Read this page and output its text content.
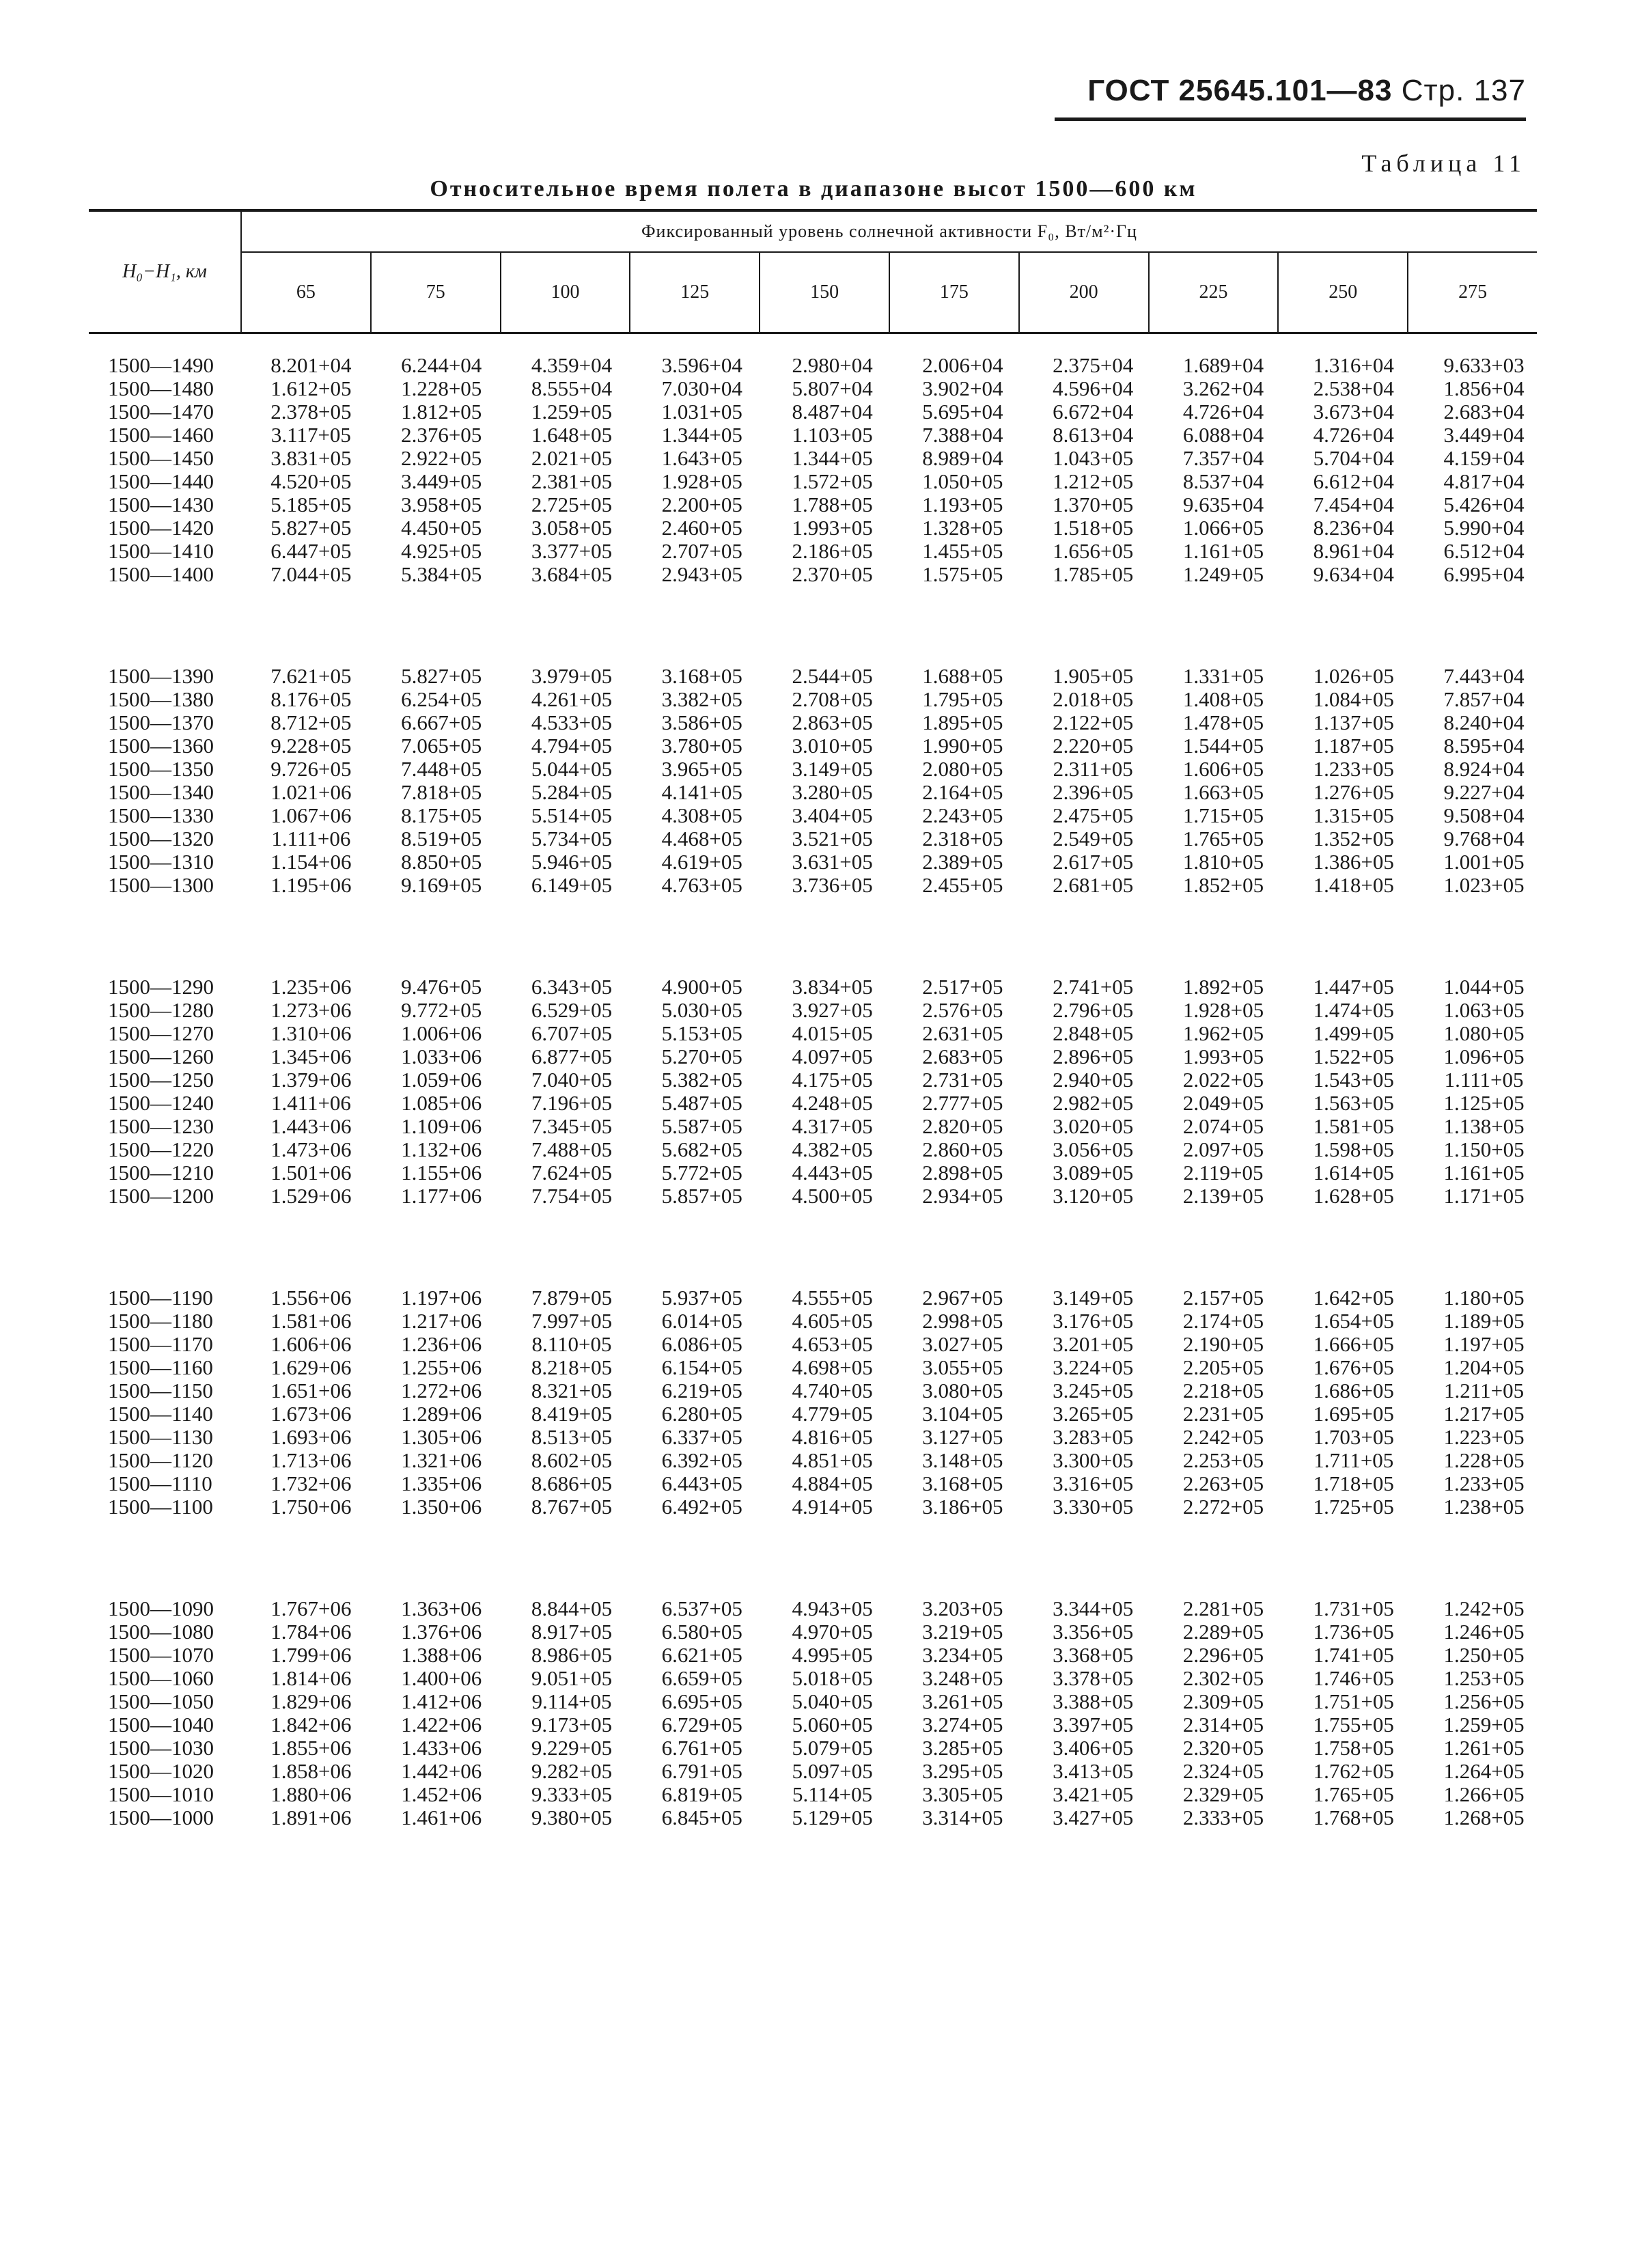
ГОСТ 25645.101—83 Стр. 137
Таблица 11
Относительное время полета в диапазоне высот 1500—600 км
H₀−H₁, км
Фиксированный уровень солнечной активности F₀, Вт/м²·Гц
65	75	100	125	150	175	200	225	250	275
1500—1490	8.201+04	6.244+04	4.359+04	3.596+04	2.980+04	2.006+04	2.375+04	1.689+04	1.316+04	9.633+03
1500—1480	1.612+05	1.228+05	8.555+04	7.030+04	5.807+04	3.902+04	4.596+04	3.262+04	2.538+04	1.856+04
1500—1470	2.378+05	1.812+05	1.259+05	1.031+05	8.487+04	5.695+04	6.672+04	4.726+04	3.673+04	2.683+04
1500—1460	3.117+05	2.376+05	1.648+05	1.344+05	1.103+05	7.388+04	8.613+04	6.088+04	4.726+04	3.449+04
1500—1450	3.831+05	2.922+05	2.021+05	1.643+05	1.344+05	8.989+04	1.043+05	7.357+04	5.704+04	4.159+04
1500—1440	4.520+05	3.449+05	2.381+05	1.928+05	1.572+05	1.050+05	1.212+05	8.537+04	6.612+04	4.817+04
1500—1430	5.185+05	3.958+05	2.725+05	2.200+05	1.788+05	1.193+05	1.370+05	9.635+04	7.454+04	5.426+04
1500—1420	5.827+05	4.450+05	3.058+05	2.460+05	1.993+05	1.328+05	1.518+05	1.066+05	8.236+04	5.990+04
1500—1410	6.447+05	4.925+05	3.377+05	2.707+05	2.186+05	1.455+05	1.656+05	1.161+05	8.961+04	6.512+04
1500—1400	7.044+05	5.384+05	3.684+05	2.943+05	2.370+05	1.575+05	1.785+05	1.249+05	9.634+04	6.995+04
1500—1390	7.621+05	5.827+05	3.979+05	3.168+05	2.544+05	1.688+05	1.905+05	1.331+05	1.026+05	7.443+04
1500—1380	8.176+05	6.254+05	4.261+05	3.382+05	2.708+05	1.795+05	2.018+05	1.408+05	1.084+05	7.857+04
1500—1370	8.712+05	6.667+05	4.533+05	3.586+05	2.863+05	1.895+05	2.122+05	1.478+05	1.137+05	8.240+04
1500—1360	9.228+05	7.065+05	4.794+05	3.780+05	3.010+05	1.990+05	2.220+05	1.544+05	1.187+05	8.595+04
1500—1350	9.726+05	7.448+05	5.044+05	3.965+05	3.149+05	2.080+05	2.311+05	1.606+05	1.233+05	8.924+04
1500—1340	1.021+06	7.818+05	5.284+05	4.141+05	3.280+05	2.164+05	2.396+05	1.663+05	1.276+05	9.227+04
1500—1330	1.067+06	8.175+05	5.514+05	4.308+05	3.404+05	2.243+05	2.475+05	1.715+05	1.315+05	9.508+04
1500—1320	1.111+06	8.519+05	5.734+05	4.468+05	3.521+05	2.318+05	2.549+05	1.765+05	1.352+05	9.768+04
1500—1310	1.154+06	8.850+05	5.946+05	4.619+05	3.631+05	2.389+05	2.617+05	1.810+05	1.386+05	1.001+05
1500—1300	1.195+06	9.169+05	6.149+05	4.763+05	3.736+05	2.455+05	2.681+05	1.852+05	1.418+05	1.023+05
1500—1290	1.235+06	9.476+05	6.343+05	4.900+05	3.834+05	2.517+05	2.741+05	1.892+05	1.447+05	1.044+05
1500—1280	1.273+06	9.772+05	6.529+05	5.030+05	3.927+05	2.576+05	2.796+05	1.928+05	1.474+05	1.063+05
1500—1270	1.310+06	1.006+06	6.707+05	5.153+05	4.015+05	2.631+05	2.848+05	1.962+05	1.499+05	1.080+05
1500—1260	1.345+06	1.033+06	6.877+05	5.270+05	4.097+05	2.683+05	2.896+05	1.993+05	1.522+05	1.096+05
1500—1250	1.379+06	1.059+06	7.040+05	5.382+05	4.175+05	2.731+05	2.940+05	2.022+05	1.543+05	1.111+05
1500—1240	1.411+06	1.085+06	7.196+05	5.487+05	4.248+05	2.777+05	2.982+05	2.049+05	1.563+05	1.125+05
1500—1230	1.443+06	1.109+06	7.345+05	5.587+05	4.317+05	2.820+05	3.020+05	2.074+05	1.581+05	1.138+05
1500—1220	1.473+06	1.132+06	7.488+05	5.682+05	4.382+05	2.860+05	3.056+05	2.097+05	1.598+05	1.150+05
1500—1210	1.501+06	1.155+06	7.624+05	5.772+05	4.443+05	2.898+05	3.089+05	2.119+05	1.614+05	1.161+05
1500—1200	1.529+06	1.177+06	7.754+05	5.857+05	4.500+05	2.934+05	3.120+05	2.139+05	1.628+05	1.171+05
1500—1190	1.556+06	1.197+06	7.879+05	5.937+05	4.555+05	2.967+05	3.149+05	2.157+05	1.642+05	1.180+05
1500—1180	1.581+06	1.217+06	7.997+05	6.014+05	4.605+05	2.998+05	3.176+05	2.174+05	1.654+05	1.189+05
1500—1170	1.606+06	1.236+06	8.110+05	6.086+05	4.653+05	3.027+05	3.201+05	2.190+05	1.666+05	1.197+05
1500—1160	1.629+06	1.255+06	8.218+05	6.154+05	4.698+05	3.055+05	3.224+05	2.205+05	1.676+05	1.204+05
1500—1150	1.651+06	1.272+06	8.321+05	6.219+05	4.740+05	3.080+05	3.245+05	2.218+05	1.686+05	1.211+05
1500—1140	1.673+06	1.289+06	8.419+05	6.280+05	4.779+05	3.104+05	3.265+05	2.231+05	1.695+05	1.217+05
1500—1130	1.693+06	1.305+06	8.513+05	6.337+05	4.816+05	3.127+05	3.283+05	2.242+05	1.703+05	1.223+05
1500—1120	1.713+06	1.321+06	8.602+05	6.392+05	4.851+05	3.148+05	3.300+05	2.253+05	1.711+05	1.228+05
1500—1110	1.732+06	1.335+06	8.686+05	6.443+05	4.884+05	3.168+05	3.316+05	2.263+05	1.718+05	1.233+05
1500—1100	1.750+06	1.350+06	8.767+05	6.492+05	4.914+05	3.186+05	3.330+05	2.272+05	1.725+05	1.238+05
1500—1090	1.767+06	1.363+06	8.844+05	6.537+05	4.943+05	3.203+05	3.344+05	2.281+05	1.731+05	1.242+05
1500—1080	1.784+06	1.376+06	8.917+05	6.580+05	4.970+05	3.219+05	3.356+05	2.289+05	1.736+05	1.246+05
1500—1070	1.799+06	1.388+06	8.986+05	6.621+05	4.995+05	3.234+05	3.368+05	2.296+05	1.741+05	1.250+05
1500—1060	1.814+06	1.400+06	9.051+05	6.659+05	5.018+05	3.248+05	3.378+05	2.302+05	1.746+05	1.253+05
1500—1050	1.829+06	1.412+06	9.114+05	6.695+05	5.040+05	3.261+05	3.388+05	2.309+05	1.751+05	1.256+05
1500—1040	1.842+06	1.422+06	9.173+05	6.729+05	5.060+05	3.274+05	3.397+05	2.314+05	1.755+05	1.259+05
1500—1030	1.855+06	1.433+06	9.229+05	6.761+05	5.079+05	3.285+05	3.406+05	2.320+05	1.758+05	1.261+05
1500—1020	1.858+06	1.442+06	9.282+05	6.791+05	5.097+05	3.295+05	3.413+05	2.324+05	1.762+05	1.264+05
1500—1010	1.880+06	1.452+06	9.333+05	6.819+05	5.114+05	3.305+05	3.421+05	2.329+05	1.765+05	1.266+05
1500—1000	1.891+06	1.461+06	9.380+05	6.845+05	5.129+05	3.314+05	3.427+05	2.333+05	1.768+05	1.268+05
